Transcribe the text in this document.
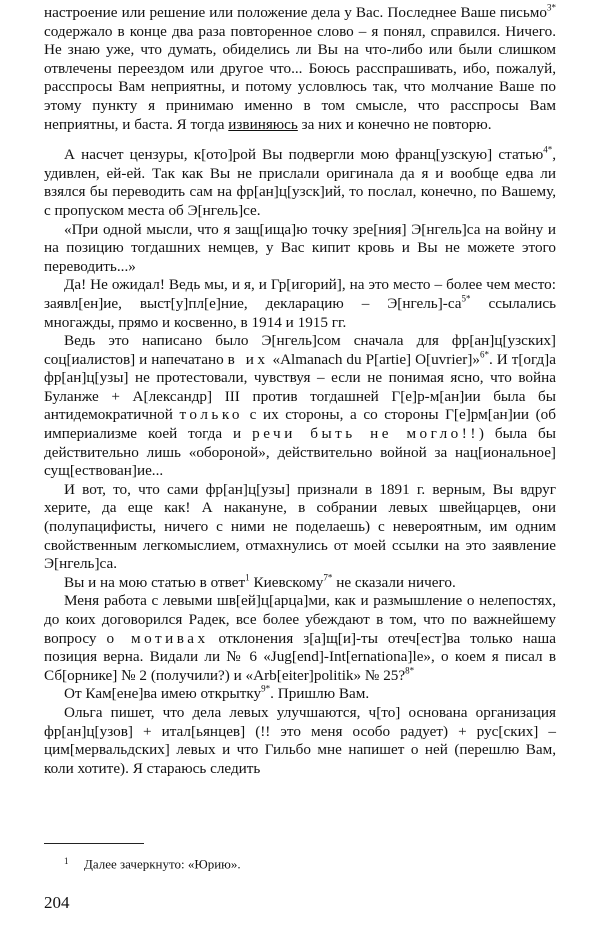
настроение или решение или положение дела у Вас. Последнее Ваше письмо$^{3*}$ содержало в конце два раза повторенное слово – я понял, справился. Ничего. Не знаю уже, что думать, обиделись ли Вы на что-либо или были слишком отвлечены переездом или другое что... Боюсь расспрашивать, ибо, пожалуй, расспросы Вам неприятны, и потому условлюсь так, что молчание Ваше по этому пункту я принимаю именно в том смысле, что расспросы Вам неприятны, и баста. Я тогда извиняюсь за них и конечно не повторю.

А насчет цензуры, к[ото]рой Вы подвергли мою франц[узскую] статью$^{4*}$, удивлен, ей-ей. Так как Вы не прислали оригинала да я и вообще едва ли взялся бы переводить сам на фр[ан]ц[узск]ий, то послал, конечно, по Вашему, с пропуском места об Э[нгель]се.

«При одной мысли, что я защ[ища]ю точку зре[ния] Э[нгель]са на войну и на позицию тогдашних немцев, у Вас кипит кровь и Вы не можете этого переводить...»

Да! Не ожидал! Ведь мы, и я, и Гр[игорий], на это место – более чем место: заявл[ен]ие, выст[у]пл[е]ние, декларацию – $Э[нгель]-са^{5*}$ ссылались многажды, прямо и косвенно, в 1914 и 1915 гг.

Ведь это написано было Э[нгель]сом сначала для фр[ан]ц[узских] соц[иалистов] и напечатано в их «Almanach du P[artie] O[uvrier]»$^{6*}$. И т[огд]а фр[ан]ц[узы] не протестовали, чувствуя – если не понимая ясно, что война Буланже + А[лександр] III против тогдашней Г[е]р-м[ан]ии была бы антидемократичной только с их стороны, а со стороны Г[е]рм[ан]ии (об империализме коей тогда и речи быть не могло!!) была бы действительно лишь «обороной», действительно войной за нац[иональное] сущ[ествован]ие...

И вот, то, что сами фр[ан]ц[узы] признали в 1891 г. верным, Вы вдруг херите, да еще как! А накануне, в собрании левых швейцарцев, они (полупацифисты, ничего с ними не поделаешь) с невероятным, им одним свойственным легкомыслием, отмахнулись от моей ссылки на это заявление Э[нгель]са.

Вы и на мою статью в ответ$^1$ Киевскому$^{7*}$ не сказали ничего.

Меня работа с левыми шв[ей]ц[арца]ми, как и размышление о нелепостях, до коих договорился Радек, все более убеждают в том, что по важнейшему вопросу о мотивах отклонения з[а]щ[и]-ты отеч[ест]ва только наша позиция верна. Видали ли № 6 «Jug[end]-Int[ernationa]le», о коем я писал в Сб[орнике] № 2 (получили?) и «Arb[eiter]politik» № 25?$^{8*}$

От Кам[ене]ва имею открытку$^{9*}$. Пришлю Вам.

Ольга пишет, что дела левых улучшаются, ч[то] основана организация фр[ан]ц[узов] + итал[ьянцев] (!! это меня особо радует) + рус[ских] – цим[мервальдских] левых и что Гильбо мне напишет о ней (перешлю Вам, коли хотите). Я стараюсь следить

1 Далее зачеркнуто: «Юрию».
204
